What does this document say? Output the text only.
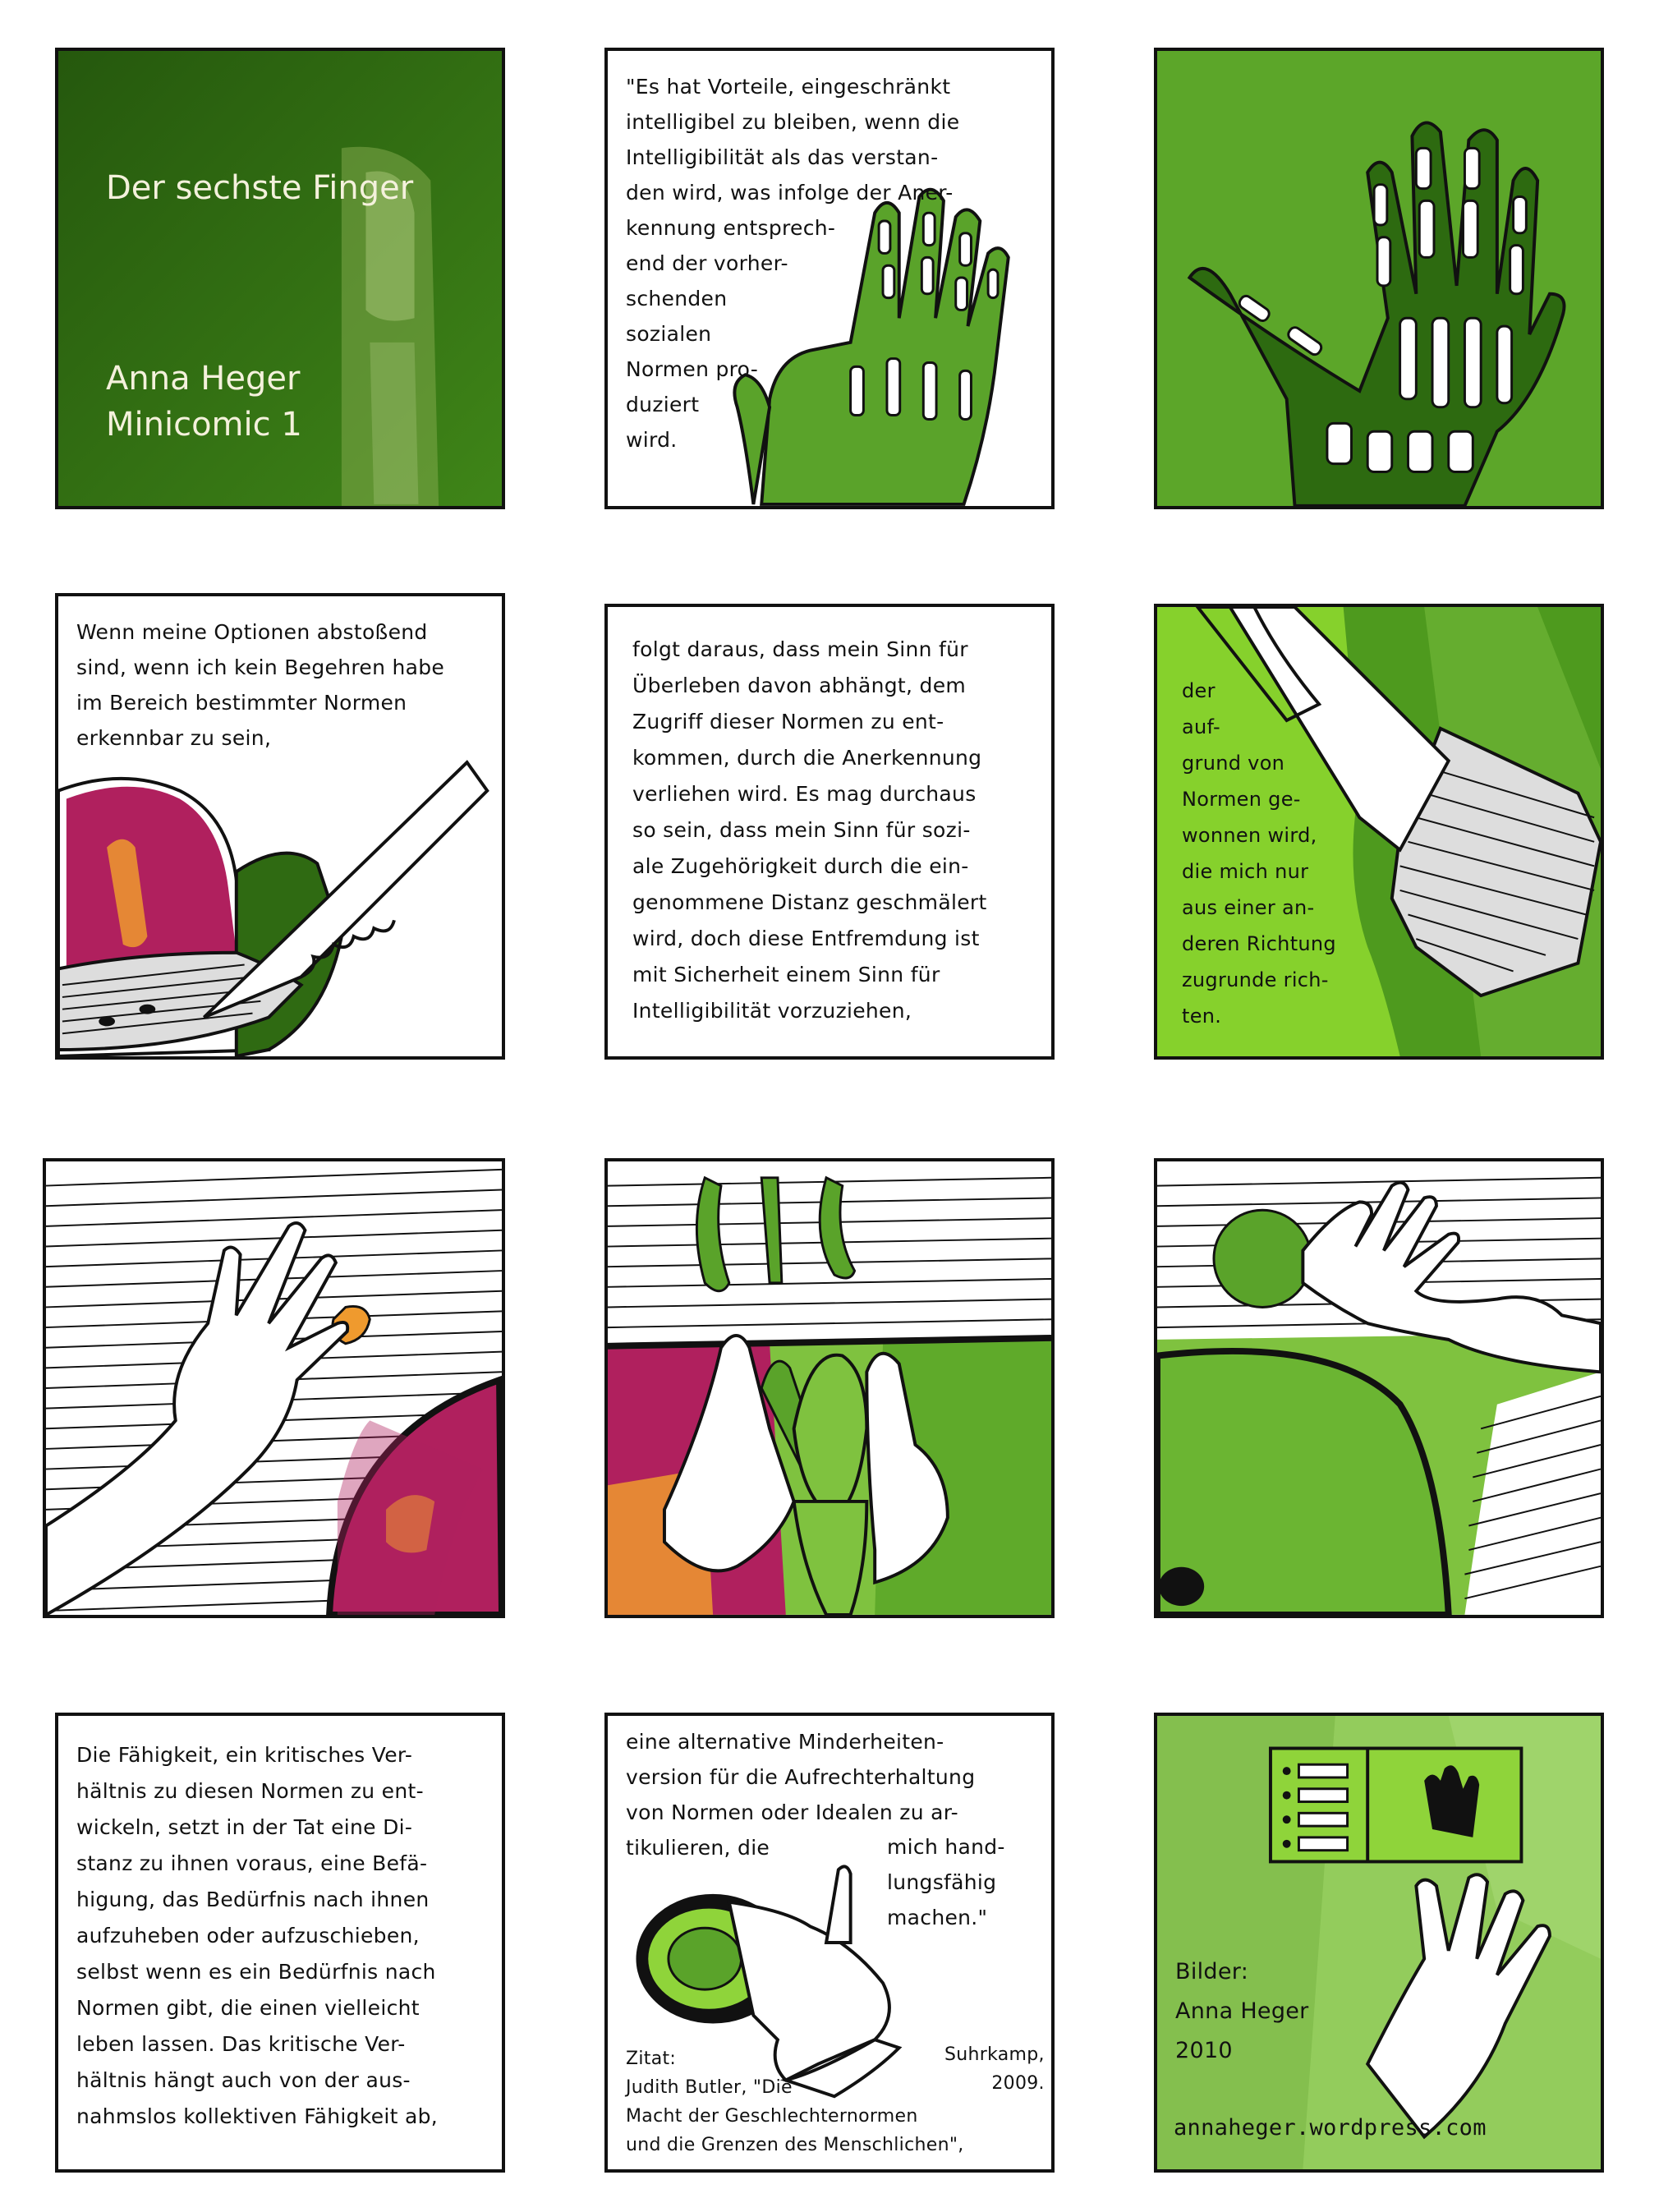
Der sechste Finger
Anna Heger
Minicomic 1
"Es hat Vorteile, eingeschränkt
intelligibel zu bleiben, wenn die
Intelligibilität als das verstan-
den wird, was infolge der Aner-
kennung entsprech-
end der vorher-
schenden
sozialen
Normen pro-
duziert
wird.
Wenn meine Optionen abstoßend
sind, wenn ich kein Begehren habe
im Bereich bestimmter Normen
erkennbar zu sein,
folgt daraus, dass mein Sinn für
Überleben davon abhängt, dem
Zugriff dieser Normen zu ent-
kommen, durch die Anerkennung
verliehen wird. Es mag durchaus
so sein, dass mein Sinn für sozi-
ale Zugehörigkeit durch die ein-
genommene Distanz geschmälert
wird, doch diese Entfremdung ist
mit Sicherheit einem Sinn für
Intelligibilität vorzuziehen,
der
auf-
grund von
Normen ge-
wonnen wird,
die mich nur
aus einer an-
deren Richtung
zugrunde rich-
ten.
Die Fähigkeit, ein kritisches Ver-
hältnis zu diesen Normen zu ent-
wickeln, setzt in der Tat eine Di-
stanz zu ihnen voraus, eine Befä-
higung, das Bedürfnis nach ihnen
aufzuheben oder aufzuschieben,
selbst wenn es ein Bedürfnis nach
Normen gibt, die einen vielleicht
leben lassen. Das kritische Ver-
hältnis hängt auch von der aus-
nahmslos kollektiven Fähigkeit ab,
eine alternative Minderheiten-
version für die Aufrechterhaltung
von Normen oder Idealen zu ar-
tikulieren, die	mich hand-
lungsfähig
machen."
Zitat:
Judith Butler, "Die
Macht der Geschlechternormen
und die Grenzen des Menschlichen",
Suhrkamp,
2009.
Bilder:
Anna Heger
2010
annaheger.wordpress.com
